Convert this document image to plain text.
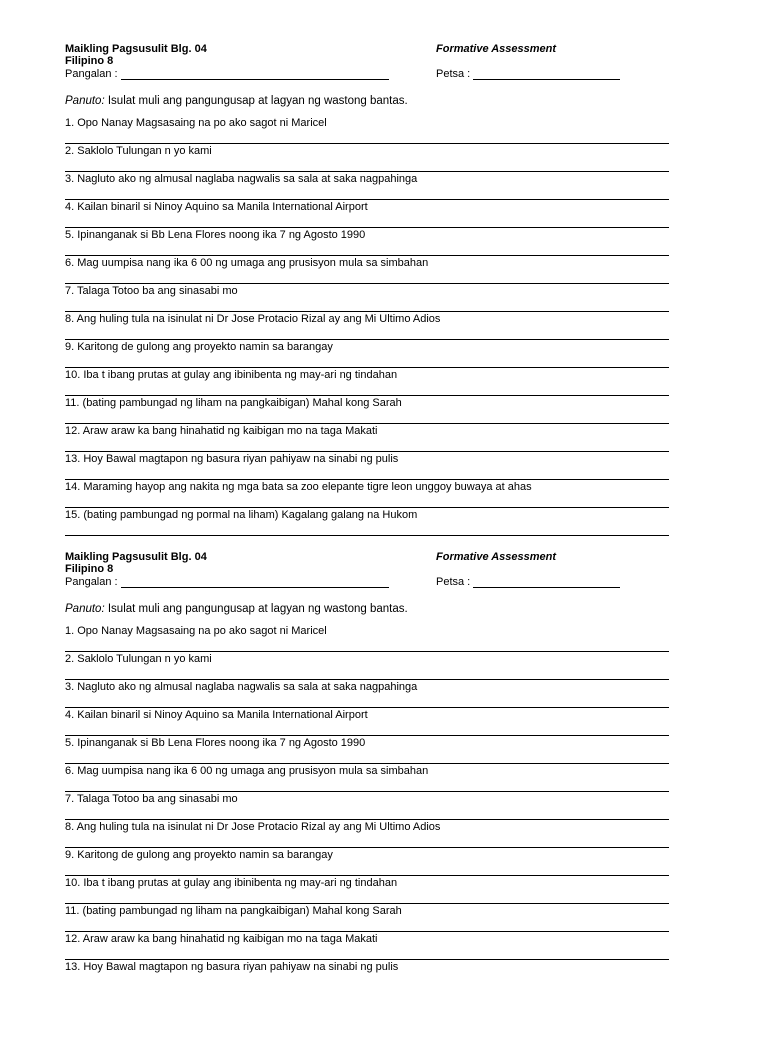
Maikling Pagsusulit Blg. 04
Filipino 8
Formative Assessment
Pangalan :	Petsa :
Panuto: Isulat muli ang pangungusap at lagyan ng wastong bantas.
1. Opo Nanay Magsasaing na po ako sagot ni Maricel
2. Saklolo Tulungan n yo kami
3. Nagluto ako ng almusal naglaba nagwalis sa sala at saka nagpahinga
4. Kailan binaril si Ninoy Aquino sa Manila International Airport
5. Ipinanganak si Bb Lena Flores noong ika 7 ng Agosto 1990
6. Mag uumpisa nang ika 6 00 ng umaga ang prusisyon mula sa simbahan
7. Talaga Totoo ba ang sinasabi mo
8. Ang huling tula na isinulat ni Dr Jose Protacio Rizal ay ang Mi Ultimo Adios
9. Karitong de gulong ang proyekto namin sa barangay
10. Iba t ibang prutas at gulay ang ibinibenta ng may-ari ng tindahan
11. (bating pambungad ng liham na pangkaibigan) Mahal kong Sarah
12. Araw araw ka bang hinahatid ng kaibigan mo na taga Makati
13. Hoy Bawal magtapon ng basura riyan pahiyaw na sinabi ng pulis
14. Maraming hayop ang nakita ng mga bata sa zoo elepante tigre leon unggoy buwaya at ahas
15. (bating pambungad ng pormal na liham) Kagalang galang na Hukom
Maikling Pagsusulit Blg. 04
Filipino 8
Formative Assessment
Pangalan :	Petsa :
Panuto: Isulat muli ang pangungusap at lagyan ng wastong bantas.
1. Opo Nanay Magsasaing na po ako sagot ni Maricel
2. Saklolo Tulungan n yo kami
3. Nagluto ako ng almusal naglaba nagwalis sa sala at saka nagpahinga
4. Kailan binaril si Ninoy Aquino sa Manila International Airport
5. Ipinanganak si Bb Lena Flores noong ika 7 ng Agosto 1990
6. Mag uumpisa nang ika 6 00 ng umaga ang prusisyon mula sa simbahan
7. Talaga Totoo ba ang sinasabi mo
8. Ang huling tula na isinulat ni Dr Jose Protacio Rizal ay ang Mi Ultimo Adios
9. Karitong de gulong ang proyekto namin sa barangay
10. Iba t ibang prutas at gulay ang ibinibenta ng may-ari ng tindahan
11. (bating pambungad ng liham na pangkaibigan) Mahal kong Sarah
12. Araw araw ka bang hinahatid ng kaibigan mo na taga Makati
13. Hoy Bawal magtapon ng basura riyan pahiyaw na sinabi ng pulis
